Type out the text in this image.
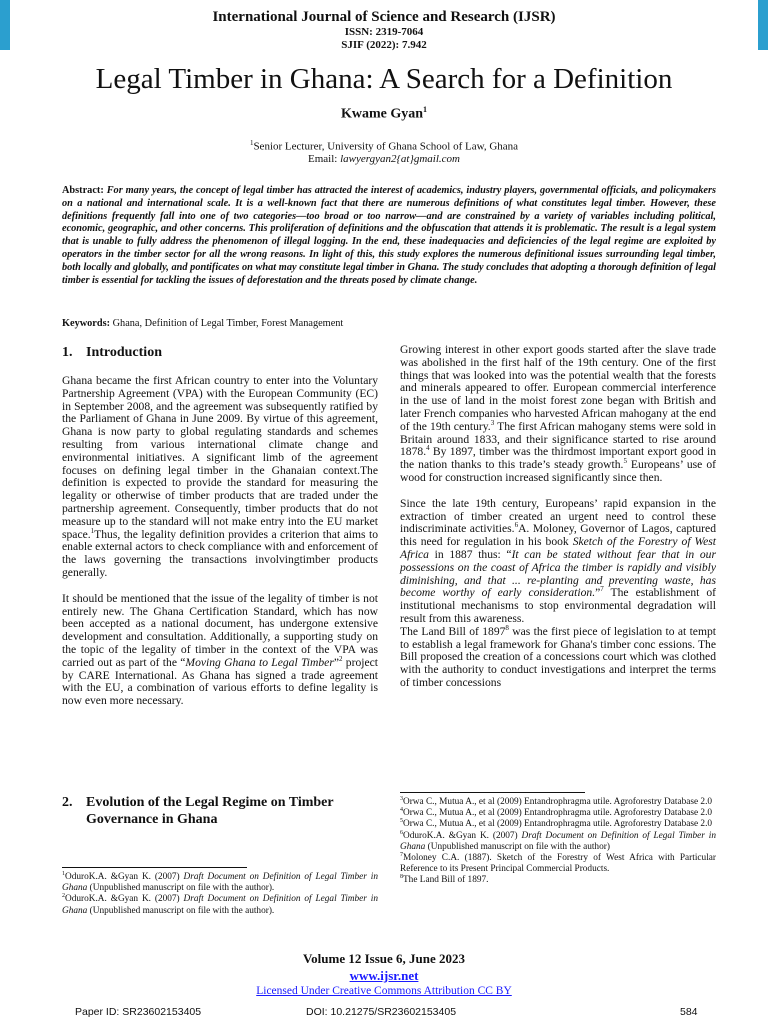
International Journal of Science and Research (IJSR)
ISSN: 2319-7064
SJIF (2022): 7.942
Legal Timber in Ghana: A Search for a Definition
Kwame Gyan$^1$
$^1$Senior Lecturer, University of Ghana School of Law, Ghana
Email: lawyergyan2{at}gmail.com
Abstract: For many years, the concept of legal timber has attracted the interest of academics, industry players, governmental officials, and policymakers on a national and international scale. It is a well-known fact that there are numerous definitions of what constitutes legal timber. However, these definitions frequently fall into one of two categories—too broad or too narrow—and are constrained by a variety of variables including political, economic, geographic, and other concerns. This proliferation of definitions and the obfuscation that attends it is problematic. The result is a legal system that is unable to fully address the phenomenon of illegal logging. In the end, these inadequacies and deficiencies of the legal regime are exploited by operators in the timber sector for all the wrong reasons. In light of this, this study explores the numerous definitional issues surrounding legal timber, both locally and globally, and pontificates on what may constitute legal timber in Ghana. The study concludes that adopting a thorough definition of legal timber is essential for tackling the issues of deforestation and the threats posed by climate change.
Keywords: Ghana, Definition of Legal Timber, Forest Management
1. Introduction

Ghana became the first African country to enter into the Voluntary Partnership Agreement (VPA) with the European Community (EC) in September 2008, and the agreement was subsequently ratified by the Parliament of Ghana in June 2009. By virtue of this agreement, Ghana is now party to global regulating standards and schemes resulting from various international climate change and environmental initiatives. A significant limb of the agreement focuses on defining legal timber in the Ghanaian context.The definition is expected to provide the standard for measuring the legality or otherwise of timber products that are traded under the partnership agreement. Consequently, timber products that do not measure up to the standard will not make entry into the EU market space.$^1$Thus, the legality definition provides a criterion that aims to enable external actors to check compliance with and enforcement of the laws governing the transactions involvingtimber products generally.

It should be mentioned that the issue of the legality of timber is not entirely new. The Ghana Certification Standard, which has now been accepted as a national document, has undergone extensive development and consultation. Additionally, a supporting study on the topic of the legality of timber in the context of the VPA was carried out as part of the “Moving Ghana to Legal Timber”$^2$ project by CARE International. As Ghana has signed a trade agreement with the EU, a combination of various efforts to define legality is now even more necessary.

2. Evolution of the Legal Regime on Timber
Governance in Ghana
$^1$OduroK.A. &Gyan K. (2007) Draft Document on Definition of Legal Timber in Ghana (Unpublished manuscript on file with the author).
$^2$OduroK.A. &Gyan K. (2007) Draft Document on Definition of Legal Timber in Ghana (Unpublished manuscript on file with the author).

Growing interest in other export goods started after the slave trade was abolished in the first half of the 19th century. One of the first things that was looked into was the potential wealth that the forests and minerals appeared to offer. European commercial interference in the use of land in the moist forest zone began with British and later French companies who harvested African mahogany at the end of the 19th century.$^3$ The first African mahogany stems were sold in Britain around 1833, and their significance started to rise around 1878.$^4$ By 1897, timber was the thirdmost important export good in the nation thanks to this trade’s steady growth.$^5$ Europeans’ use of wood for construction increased significantly since then.

Since the late 19th century, Europeans’ rapid expansion in the extraction of timber created an urgent need to control these indiscriminate activities.$^6$A. Moloney, Governor of Lagos, captured this need for regulation in his book Sketch of the Forestry of West Africa in 1887 thus: “It can be stated without fear that in our possessions on the coast of Africa the timber is rapidly and visibly diminishing, and that ... re-planting and preventing waste, has become worthy of early consideration.”$^7$ The establishment of institutional mechanisms to stop environmental degradation will result from this awareness.

The Land Bill of 1897$^8$ was the first piece of legislation to at tempt to establish a legal framework for Ghana's timber conc essions. The Bill proposed the creation of a concessions court which was clothed with the authority to conduct investigations and interpret the terms of timber concessions

$^3$Orwa C., Mutua A., et al (2009) Entandrophragma utile. Agroforestry Database 2.0
$^4$Orwa C., Mutua A., et al (2009) Entandrophragma utile. Agroforestry Database 2.0
$^5$Orwa C., Mutua A., et al (2009) Entandrophragma utile. Agroforestry Database 2.0
$^6$OduroK.A. &Gyan K. (2007) Draft Document on Definition of Legal Timber in Ghana (Unpublished manuscript on file with the author)
$^7$Moloney C.A. (1887). Sketch of the Forestry of West Africa with Particular Reference to its Present Principal Commercial Products.
$^8$The Land Bill of 1897.
Volume 12 Issue 6, June 2023
www.ijsr.net
Licensed Under Creative Commons Attribution CC BY
Paper ID: SR23602153405	DOI: 10.21275/SR23602153405	584
